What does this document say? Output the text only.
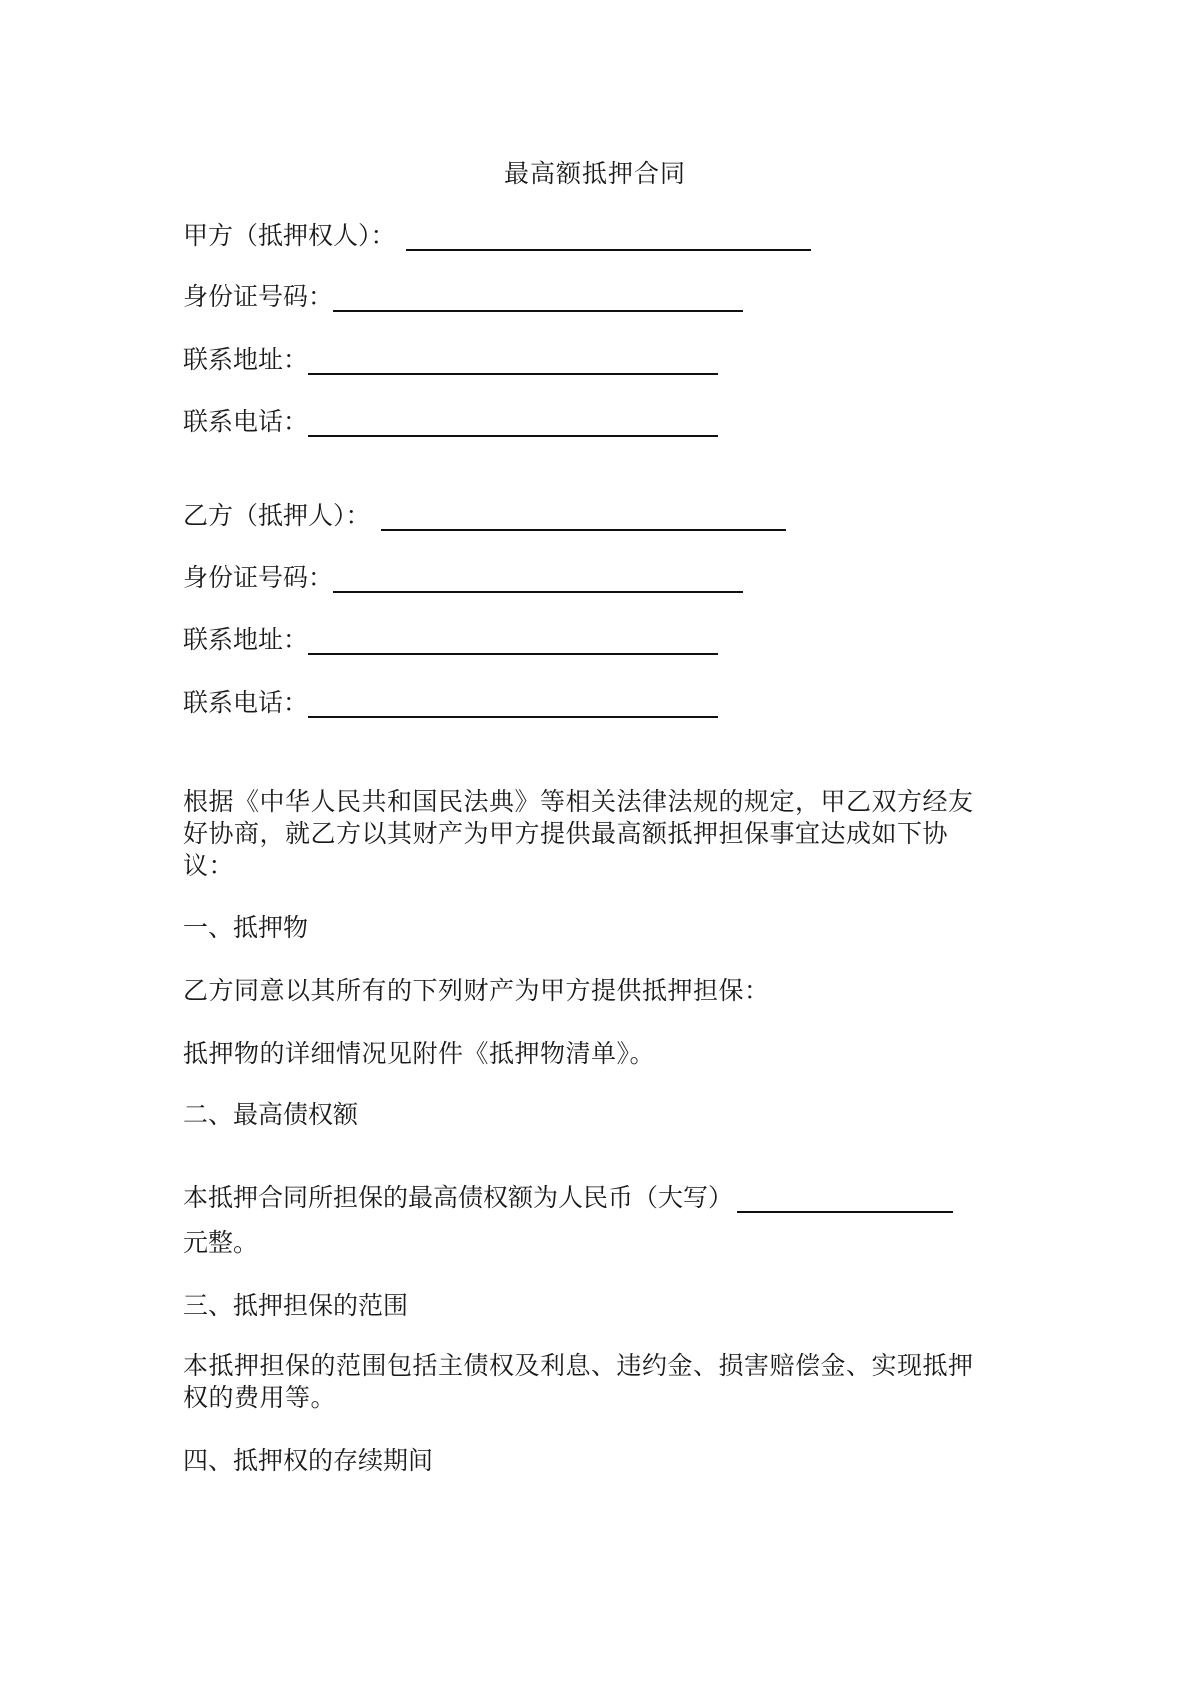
最高额抵押合同
甲方（抵押权人）：
身份证号码：
联系地址：
联系电话：
乙方（抵押人）：
身份证号码：
联系地址：
联系电话：

根据《中华人民共和国民法典》等相关法律法规的规定，甲乙双方经友好协商，就乙方以其财产为甲方提供最高额抵押担保事宜达成如下协议：

一、抵押物

乙方同意以其所有的下列财产为甲方提供抵押担保：

抵押物的详细情况见附件《抵押物清单》。

二、最高债权额
本抵押合同所担保的最高债权额为人民币（大写）
元整。
三、抵押担保的范围

本抵押担保的范围包括主债权及利息、违约金、损害赔偿金、实现抵押权的费用等。

四、抵押权的存续期间
